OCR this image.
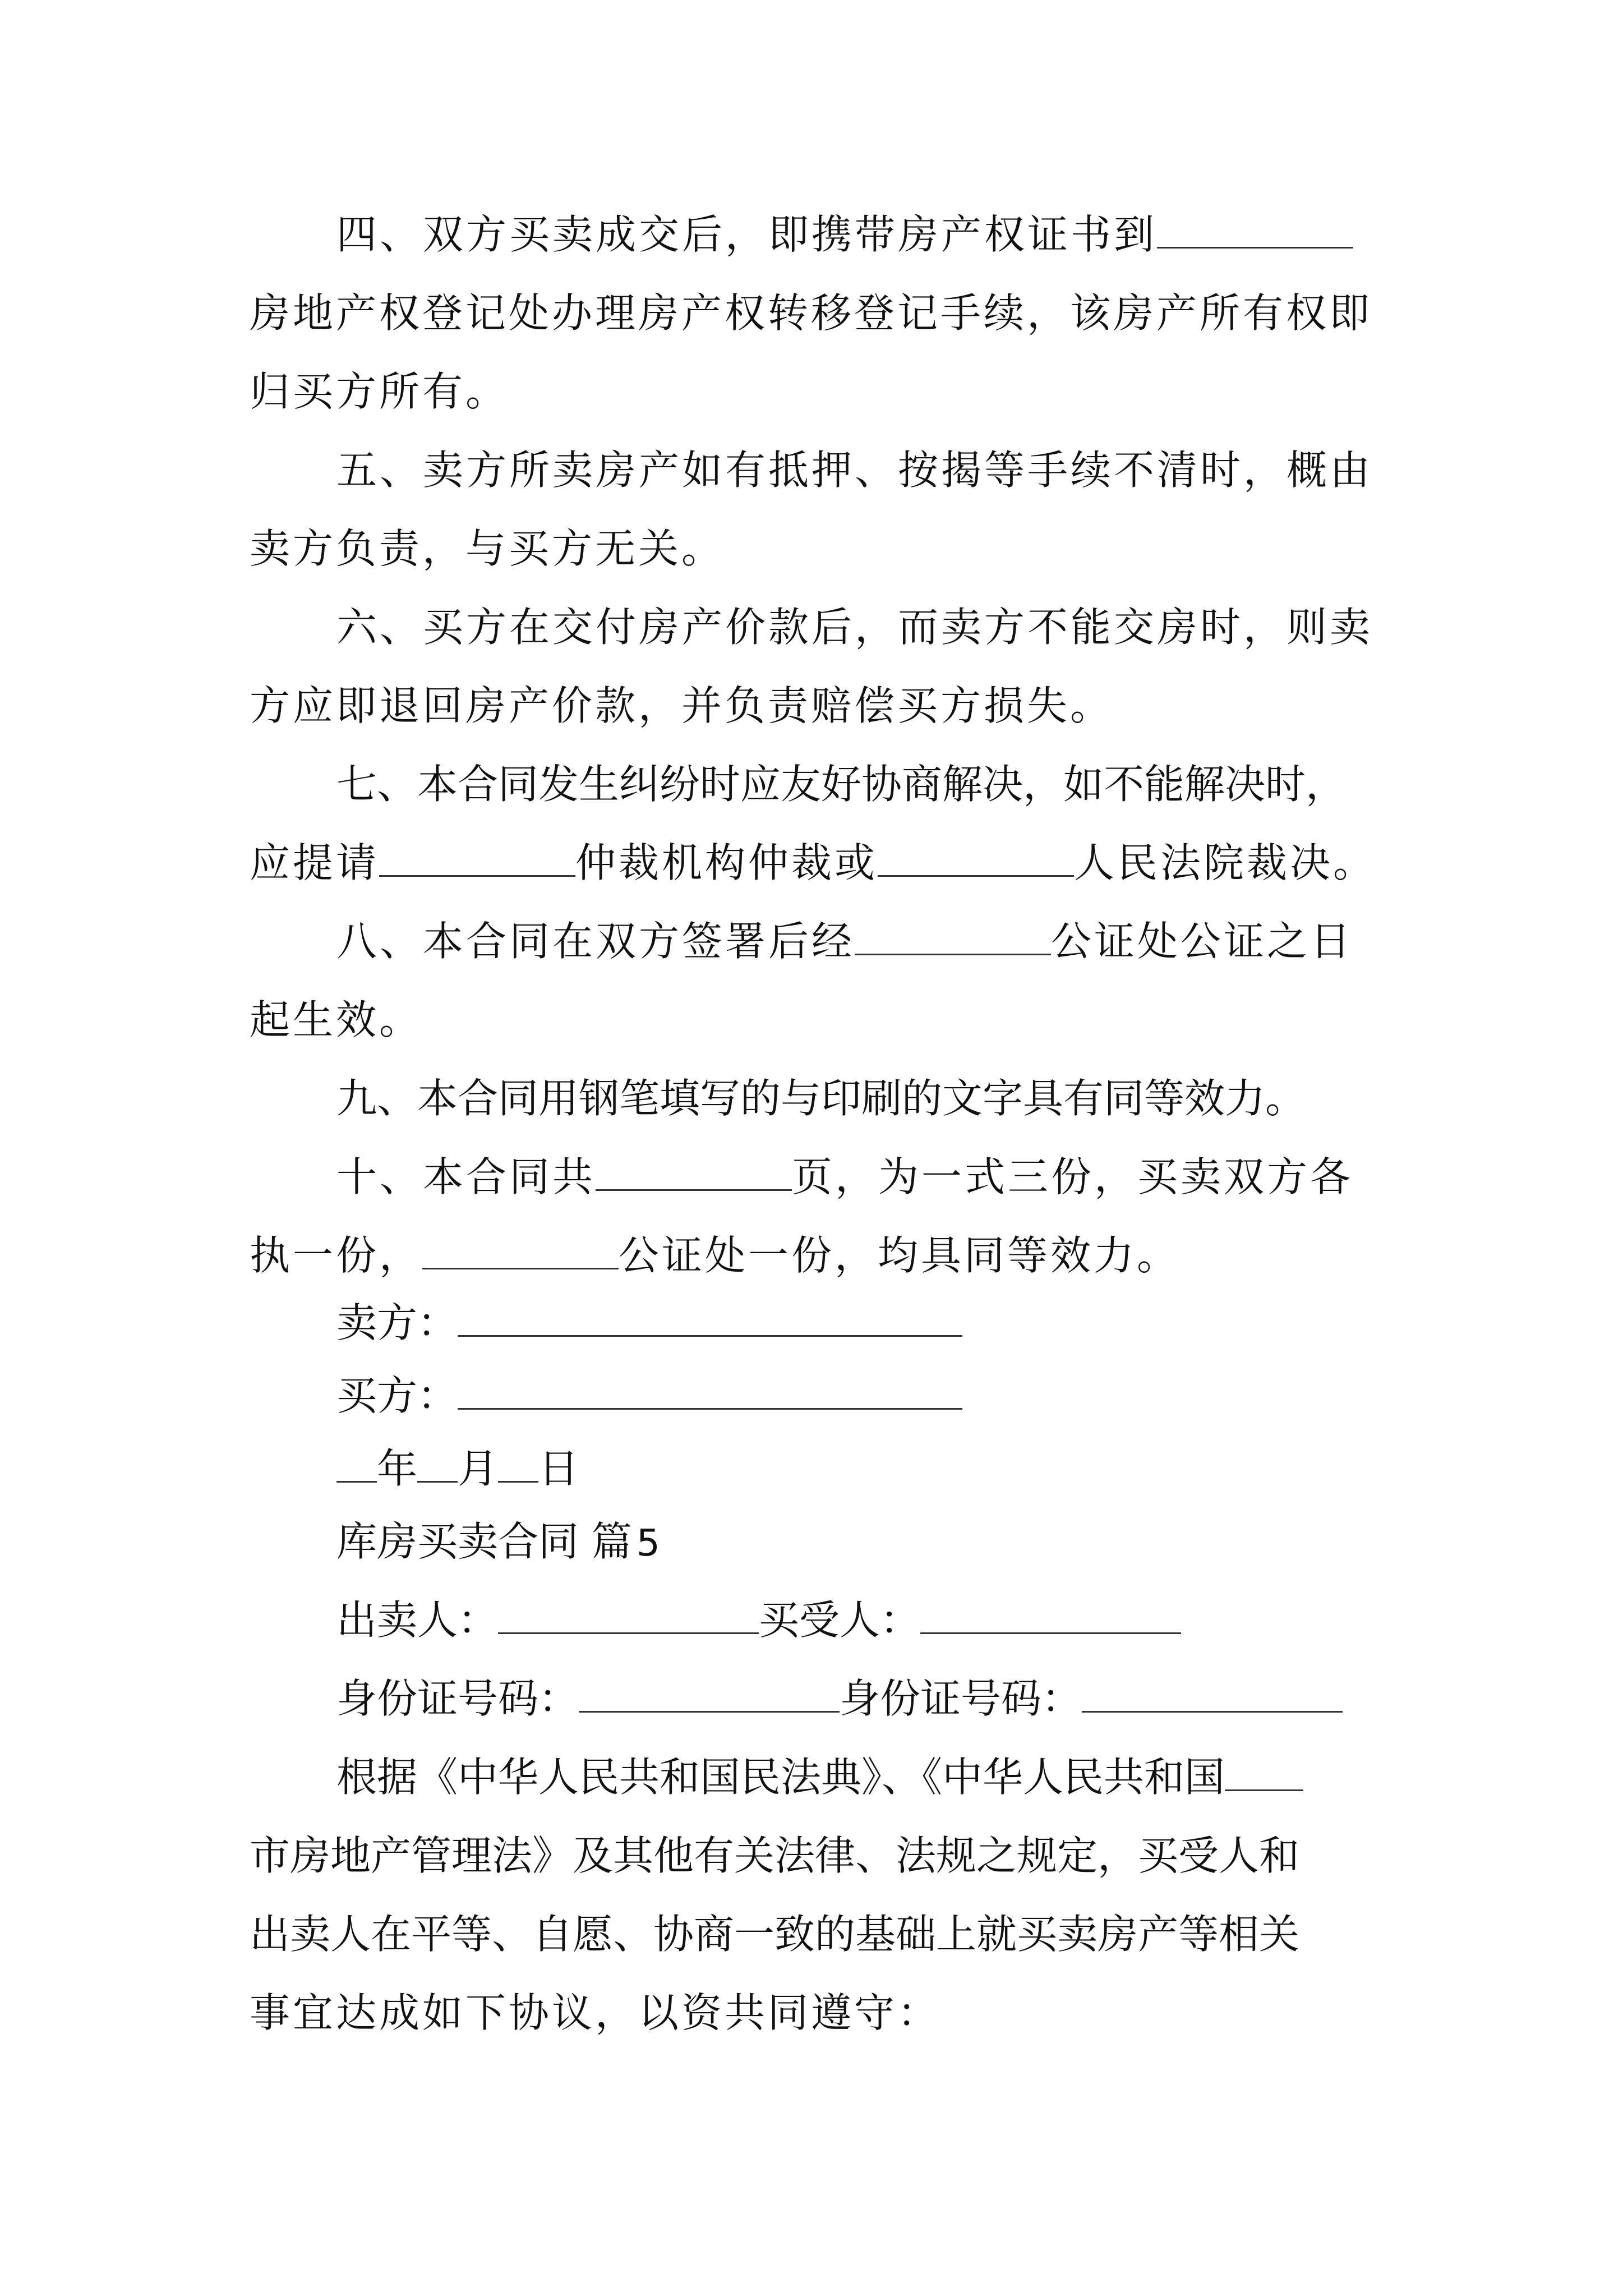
四、双方买卖成交后，即携带房产权证书到
房地产权登记处办理房产权转移登记手续，该房产所有权即
归买方所有。
五、卖方所卖房产如有抵押、按揭等手续不清时，概由
卖方负责，与买方无关。
六、买方在交付房产价款后，而卖方不能交房时，则卖
方应即退回房产价款，并负责赔偿买方损失。
七、本合同发生纠纷时应友好协商解决，如不能解决时，
应提请	仲裁机构仲裁或	人民法院裁决。
八、本合同在双方签署后经	公证处公证之日
起生效。
九、本合同用钢笔填写的与印刷的文字具有同等效力。
十、本合同共	页，为一式三份，买卖双方各
执一份，	公证处一份，均具同等效力。
卖方：
买方：
年 月 日
库房买卖合同 篇 5
出卖人：	买受人：
身份证号码：	身份证号码：
根据《中华人民共和国民法典》、《中华人民共和国
市房地产管理法》及其他有关法律、法规之规定，买受人和
出卖人在平等、自愿、协商一致的基础上就买卖房产等相关
事宜达成如下协议，以资共同遵守：
